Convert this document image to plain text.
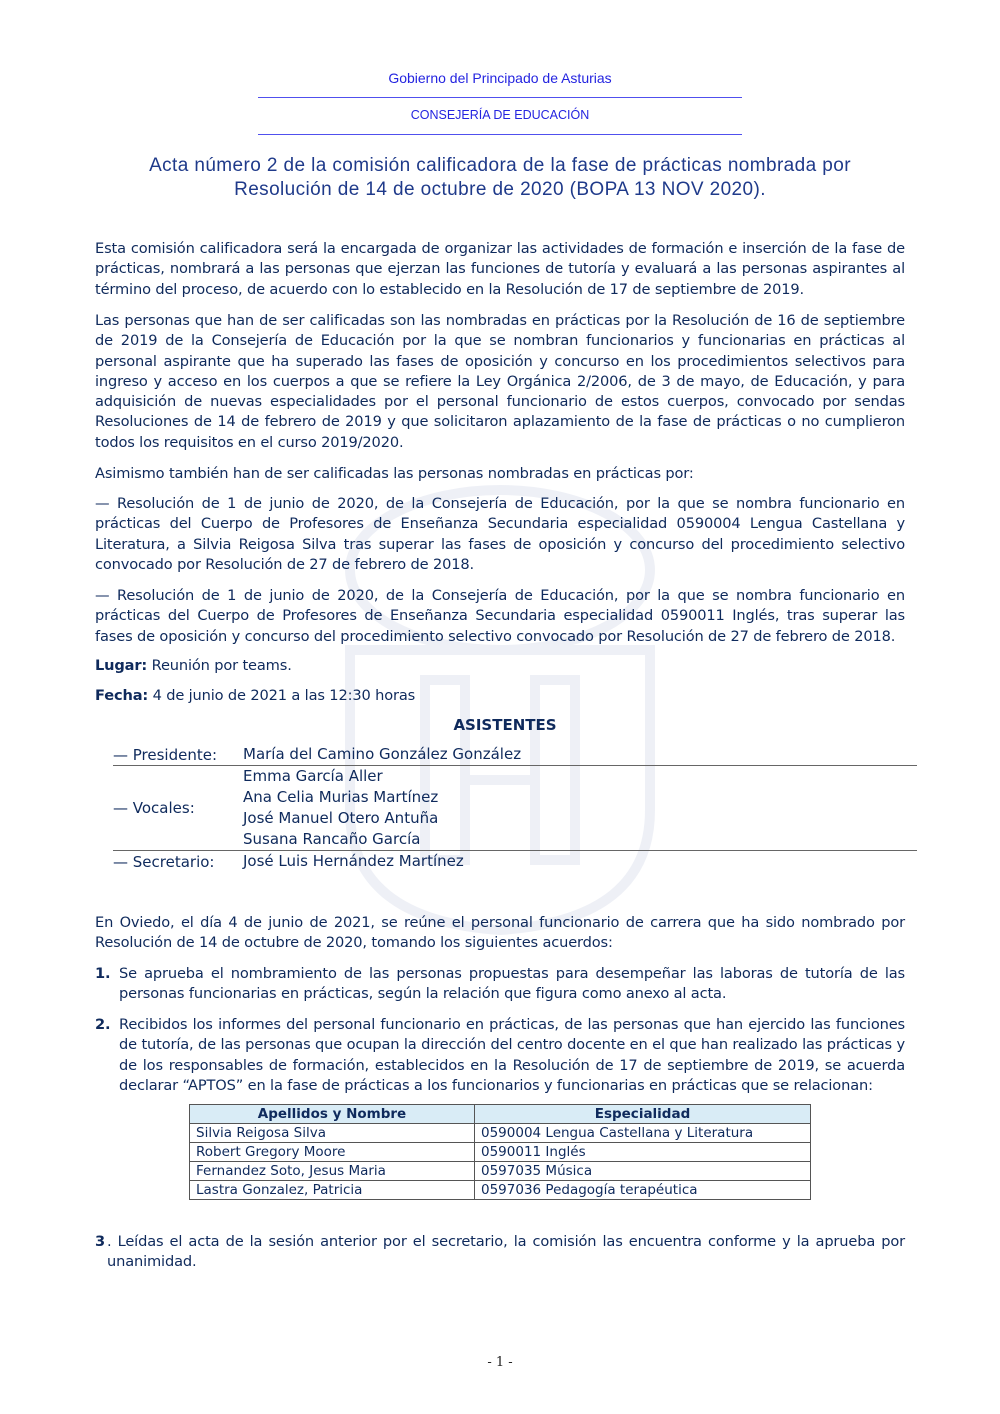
Gobierno del Principado de Asturias
CONSEJERÍA DE EDUCACIÓN
Acta número 2 de la comisión calificadora de la fase de prácticas nombrada por
Resolución de 14 de octubre de 2020 (BOPA 13 NOV 2020).
Esta comisión calificadora será la encargada de organizar las actividades de formación e inserción de la fase de prácticas, nombrará a las personas que ejerzan las funciones de tutoría y evaluará a las personas aspirantes al término del proceso, de acuerdo con lo establecido en la Resolución de 17 de septiembre de 2019.
Las personas que han de ser calificadas son las nombradas en prácticas por la Resolución de 16 de septiembre de 2019 de la Consejería de Educación por la que se nombran funcionarios y funcionarias en prácticas al personal aspirante que ha superado las fases de oposición y concurso en los procedimientos selectivos para ingreso y acceso en los cuerpos a que se refiere la Ley Orgánica 2/2006, de 3 de mayo, de Educación, y para adquisición de nuevas especialidades por el personal funcionario de estos cuerpos, convocado por sendas Resoluciones de 14 de febrero de 2019 y que solicitaron aplazamiento de la fase de prácticas o no cumplieron todos los requisitos en el curso 2019/2020.
Asimismo también han de ser calificadas las personas nombradas en prácticas por:
— Resolución de 1 de junio de 2020, de la Consejería de Educación, por la que se nombra funcionario en prácticas del Cuerpo de Profesores de Enseñanza Secundaria especialidad 0590004 Lengua Castellana y Literatura, a Silvia Reigosa Silva tras superar las fases de oposición y concurso del procedimiento selectivo convocado por Resolución de 27 de febrero de 2018.
— Resolución de 1 de junio de 2020, de la Consejería de Educación, por la que se nombra funcionario en prácticas del Cuerpo de Profesores de Enseñanza Secundaria especialidad 0590011 Inglés, tras superar las fases de oposición y concurso del procedimiento selectivo convocado por Resolución de 27 de febrero de 2018.
Lugar: Reunión por teams.
Fecha: 4 de junio de 2021 a las 12:30 horas
ASISTENTES
— Presidente:	María del Camino González González
— Vocales:
Emma García Aller
Ana Celia Murias Martínez
José Manuel Otero Antuña
Susana Rancaño García
— Secretario:	José Luis Hernández Martínez
En Oviedo, el día 4 de junio de 2021, se reúne el personal funcionario de carrera que ha sido nombrado por Resolución de 14 de octubre de 2020, tomando los siguientes acuerdos:
1. Se aprueba el nombramiento de las personas propuestas para desempeñar las laboras de tutoría de las personas funcionarias en prácticas, según la relación que figura como anexo al acta.
2. Recibidos los informes del personal funcionario en prácticas, de las personas que han ejercido las funciones de tutoría, de las personas que ocupan la dirección del centro docente en el que han realizado las prácticas y de los responsables de formación, establecidos en la Resolución de 17 de septiembre de 2019, se acuerda declarar “APTOS” en la fase de prácticas a los funcionarios y funcionarias en prácticas que se relacionan:
Apellidos y Nombre	Especialidad
Silvia Reigosa Silva	0590004 Lengua Castellana y Literatura
Robert Gregory Moore	0590011 Inglés
Fernandez Soto, Jesus Maria	0597035 Música
Lastra Gonzalez, Patricia	0597036 Pedagogía terapéutica
3 . Leídas el acta de la sesión anterior por el secretario, la comisión las encuentra conforme y la aprueba por unanimidad.
- 1 -
